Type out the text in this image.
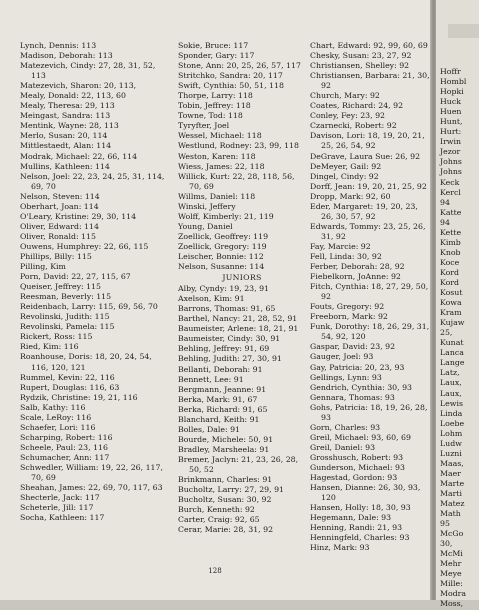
Lynch, Dennis: 113
Madison, Deborah: 113
Matezevich, Cindy: 27, 28, 31, 52, 113
Matezevich, Sharon: 20, 113,
Mealy, Donald: 22, 113, 60
Mealy, Theresa: 29, 113
Meingast, Sandra: 113
Mentink, Wayne: 28, 113
Merlo, Susan: 20, 114
Mittlestaedt, Alan: 114
Modrak, Michael: 22, 66, 114
Mullins, Kathleen: 114
Nelson, Joel: 22, 23, 24, 25, 31, 114, 69, 70
Nelson, Steven: 114
Oberhart, Joan: 114
O'Leary, Kristine: 29, 30, 114
Oliver, Edward: 114
Oliver, Ronald: 115
Ouwens, Humphrey: 22, 66, 115
Phillips, Billy: 115
Pilling, Kim
Porn, David: 22, 27, 115, 67
Queiser, Jeffrey: 115
Reesman, Beverly: 115
Reidenbach, Larry: 115, 69, 56, 70
Revolinski, Judith: 115
Revolinski, Pamela: 115
Rickert, Ross: 115
Ried, Kim: 116
Roanhouse, Doris: 18, 20, 24, 54, 116, 120, 121
Rummel, Kevin: 22, 116
Rupert, Douglas: 116, 63
Rydzik, Christine: 19, 21, 116
Salb, Kathy: 116
Scale, LeRoy: 116
Schaefer, Lori: 116
Scharping, Robert: 116
Scheele, Paul: 23, 116
Schumacher, Ann: 117
Schwedler, William: 19, 22, 26, 117, 70, 69
Sheahan, James: 22, 69, 70, 117, 63
Shecterle, Jack: 117
Scheterle, Jill: 117
Socha, Kathleen: 117
Sokie, Bruce: 117
Sponder, Gary: 117
Stone, Ann: 20, 25, 26, 57, 117
Stritchko, Sandra: 20, 117
Swift, Cynthia: 50, 51, 118
Thorpe, Larry: 118
Tobin, Jeffrey: 118
Towne, Tod: 118
Tyryfter, Joel
Wessel, Michael: 118
Westlund, Rodney: 23, 99, 118
Weston, Karen: 118
Wiess, James: 22, 118
Willick, Kurt: 22, 28, 118, 56, 70, 69
Willms, Daniel: 118
Winski, Jeffery
Wolff, Kimberly: 21, 119
Young, Daniel
Zoellick, Geoffrey: 119
Zoellick, Gregory: 119
Leischer, Bonnie: 112
Nelson, Susanne: 114
JUNIORS
Alby, Cyndy: 19, 23, 91
Axelson, Kim: 91
Barrons, Thomas: 91, 65
Barthel, Nancy: 21, 28, 52, 91
Baumeister, Arlene: 18, 21, 91
Baumeister, Cindy: 30, 91
Behling, Jeffrey: 91, 69
Behling, Judith: 27, 30, 91
Bellanti, Deborah: 91
Bennett, Lee: 91
Bergmann, Jeanne: 91
Berka, Mark: 91, 67
Berka, Richard: 91, 65
Blanchard, Keith: 91
Bolles, Dale: 91
Bourde, Michele: 50, 91
Bradley, Marsheela: 91
Bremer, Jaclyn: 21, 23, 26, 28, 50, 52
Brinkmann, Charles: 91
Bucholtz, Larry: 27, 29, 91
Bucholtz, Susan: 30, 92
Burch, Kenneth: 92
Carter, Craig: 92, 65
Cerar, Marie: 28, 31, 92
Chart, Edward: 92, 99, 60, 69
Chesky, Susan: 23, 27, 92
Christiansen, Shelley: 92
Christiansen, Barbara: 21, 30, 92
Church, Mary: 92
Coates, Richard: 24, 92
Conley, Fey: 23, 92
Czarnecki, Robert: 92
Davison, Lori: 18, 19, 20, 21, 25, 26, 54, 92
DeGrave, Laura Sue: 26, 92
DeMeyer, Gail: 92
Dingel, Cindy: 92
Dorff, Jean: 19, 20, 21, 25, 92
Dropp, Mark: 92, 60
Eder, Margaret: 19, 20, 23, 26, 30, 57, 92
Edwards, Tommy: 23, 25, 26, 31, 92
Fay, Marcie: 92
Fell, Linda: 30, 92
Ferber, Deborah: 28, 92
Fiebelkorn, JoAnne: 92
Fitch, Cynthia: 18, 27, 29, 50, 92
Fouts, Gregory: 92
Freeborn, Mark: 92
Funk, Dorothy: 18, 26, 29, 31, 54, 92, 120
Gaspar, David: 23, 92
Gauger, Joel: 93
Gay, Patricia: 20, 23, 93
Gellings, Lynn: 93
Gendrich, Cynthia: 30, 93
Gennara, Thomas: 93
Gohs, Patricia: 18, 19, 26, 28, 93
Gorn, Charles: 93
Greil, Michael: 93, 60, 69
Greil, Daniel: 93
Grosshusch, Robert: 93
Gunderson, Michael: 93
Hagestad, Gordon: 93
Hansen, Dianne: 26, 30, 93, 120
Hansen, Holly: 18, 30, 93
Hegemann, Dale: 93
Henning, Randi: 21, 93
Henningfeld, Charles: 93
Hinz, Mark: 93
128
Hoffr
Hombl
Hopki
Huck
Huen
Hunt,
Hurt:
Irwin
Jezor
Johns
Johns
Keck
Kercl
94
Katte
94
Kette
Kimb
Knob
Koce
Kord
Kord
Kosut
Kowa
Kram
Kujaw
25,
Kunat
Lanca
Lange
Latz,
Laux,
Laux,
Lewis
Linda
Loebe
Lohm
Ludw
Luzni
Maas,
Maer
Marte
Marti
Matez
Math
95
McGo
30,
McMi
Mehr
Meye
Mille:
Modra
Moss,
